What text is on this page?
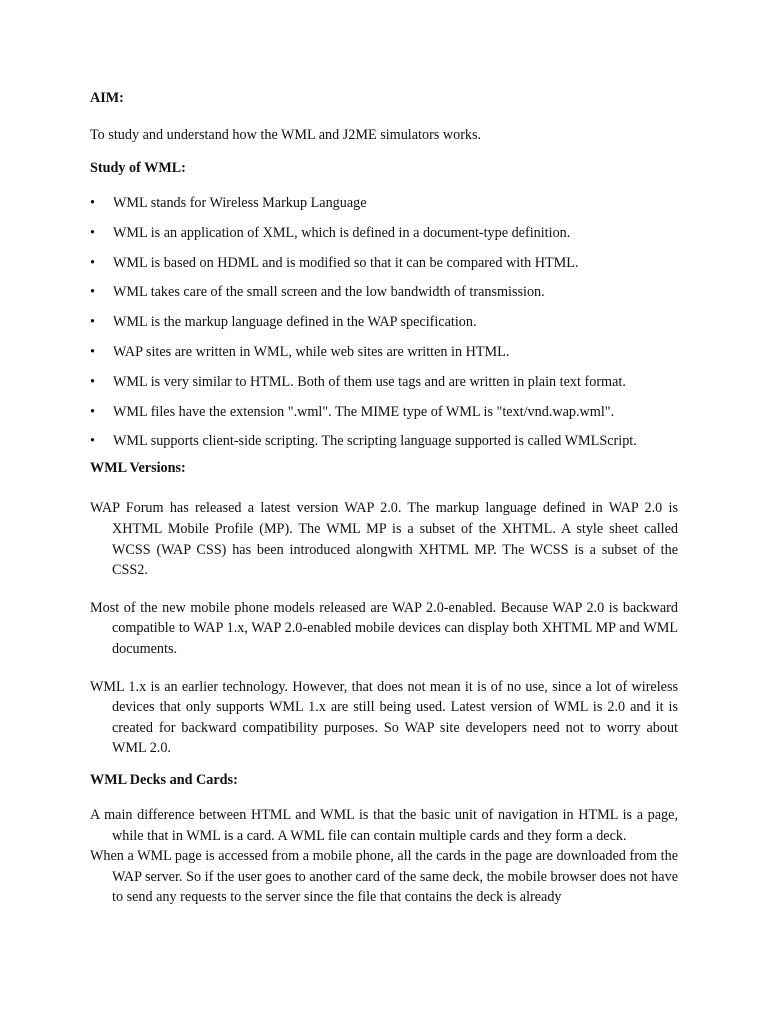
AIM:

To study and understand how the WML and J2ME simulators works.

Study of WML:

• WML stands for Wireless Markup Language
• WML is an application of XML, which is defined in a document-type definition.
• WML is based on HDML and is modified so that it can be compared with HTML.
• WML takes care of the small screen and the low bandwidth of transmission.
• WML is the markup language defined in the WAP specification.
• WAP sites are written in WML, while web sites are written in HTML.
• WML is very similar to HTML. Both of them use tags and are written in plain text format.
• WML files have the extension ".wml". The MIME type of WML is "text/vnd.wap.wml".
• WML supports client-side scripting. The scripting language supported is called WMLScript.

WML Versions:

WAP Forum has released a latest version WAP 2.0. The markup language defined in WAP 2.0 is XHTML Mobile Profile (MP). The WML MP is a subset of the XHTML. A style sheet called WCSS (WAP CSS) has been introduced alongwith XHTML MP. The WCSS is a subset of the CSS2.

Most of the new mobile phone models released are WAP 2.0-enabled. Because WAP 2.0 is backward compatible to WAP 1.x, WAP 2.0-enabled mobile devices can display both XHTML MP and WML documents.

WML 1.x is an earlier technology. However, that does not mean it is of no use, since a lot of wireless devices that only supports WML 1.x are still being used. Latest version of WML is 2.0 and it is created for backward compatibility purposes. So WAP site developers need not to worry about WML 2.0.

WML Decks and Cards:

A main difference between HTML and WML is that the basic unit of navigation in HTML is a page, while that in WML is a card. A WML file can contain multiple cards and they form a deck.

When a WML page is accessed from a mobile phone, all the cards in the page are downloaded from the WAP server. So if the user goes to another card of the same deck, the mobile browser does not have to send any requests to the server since the file that contains the deck is already
